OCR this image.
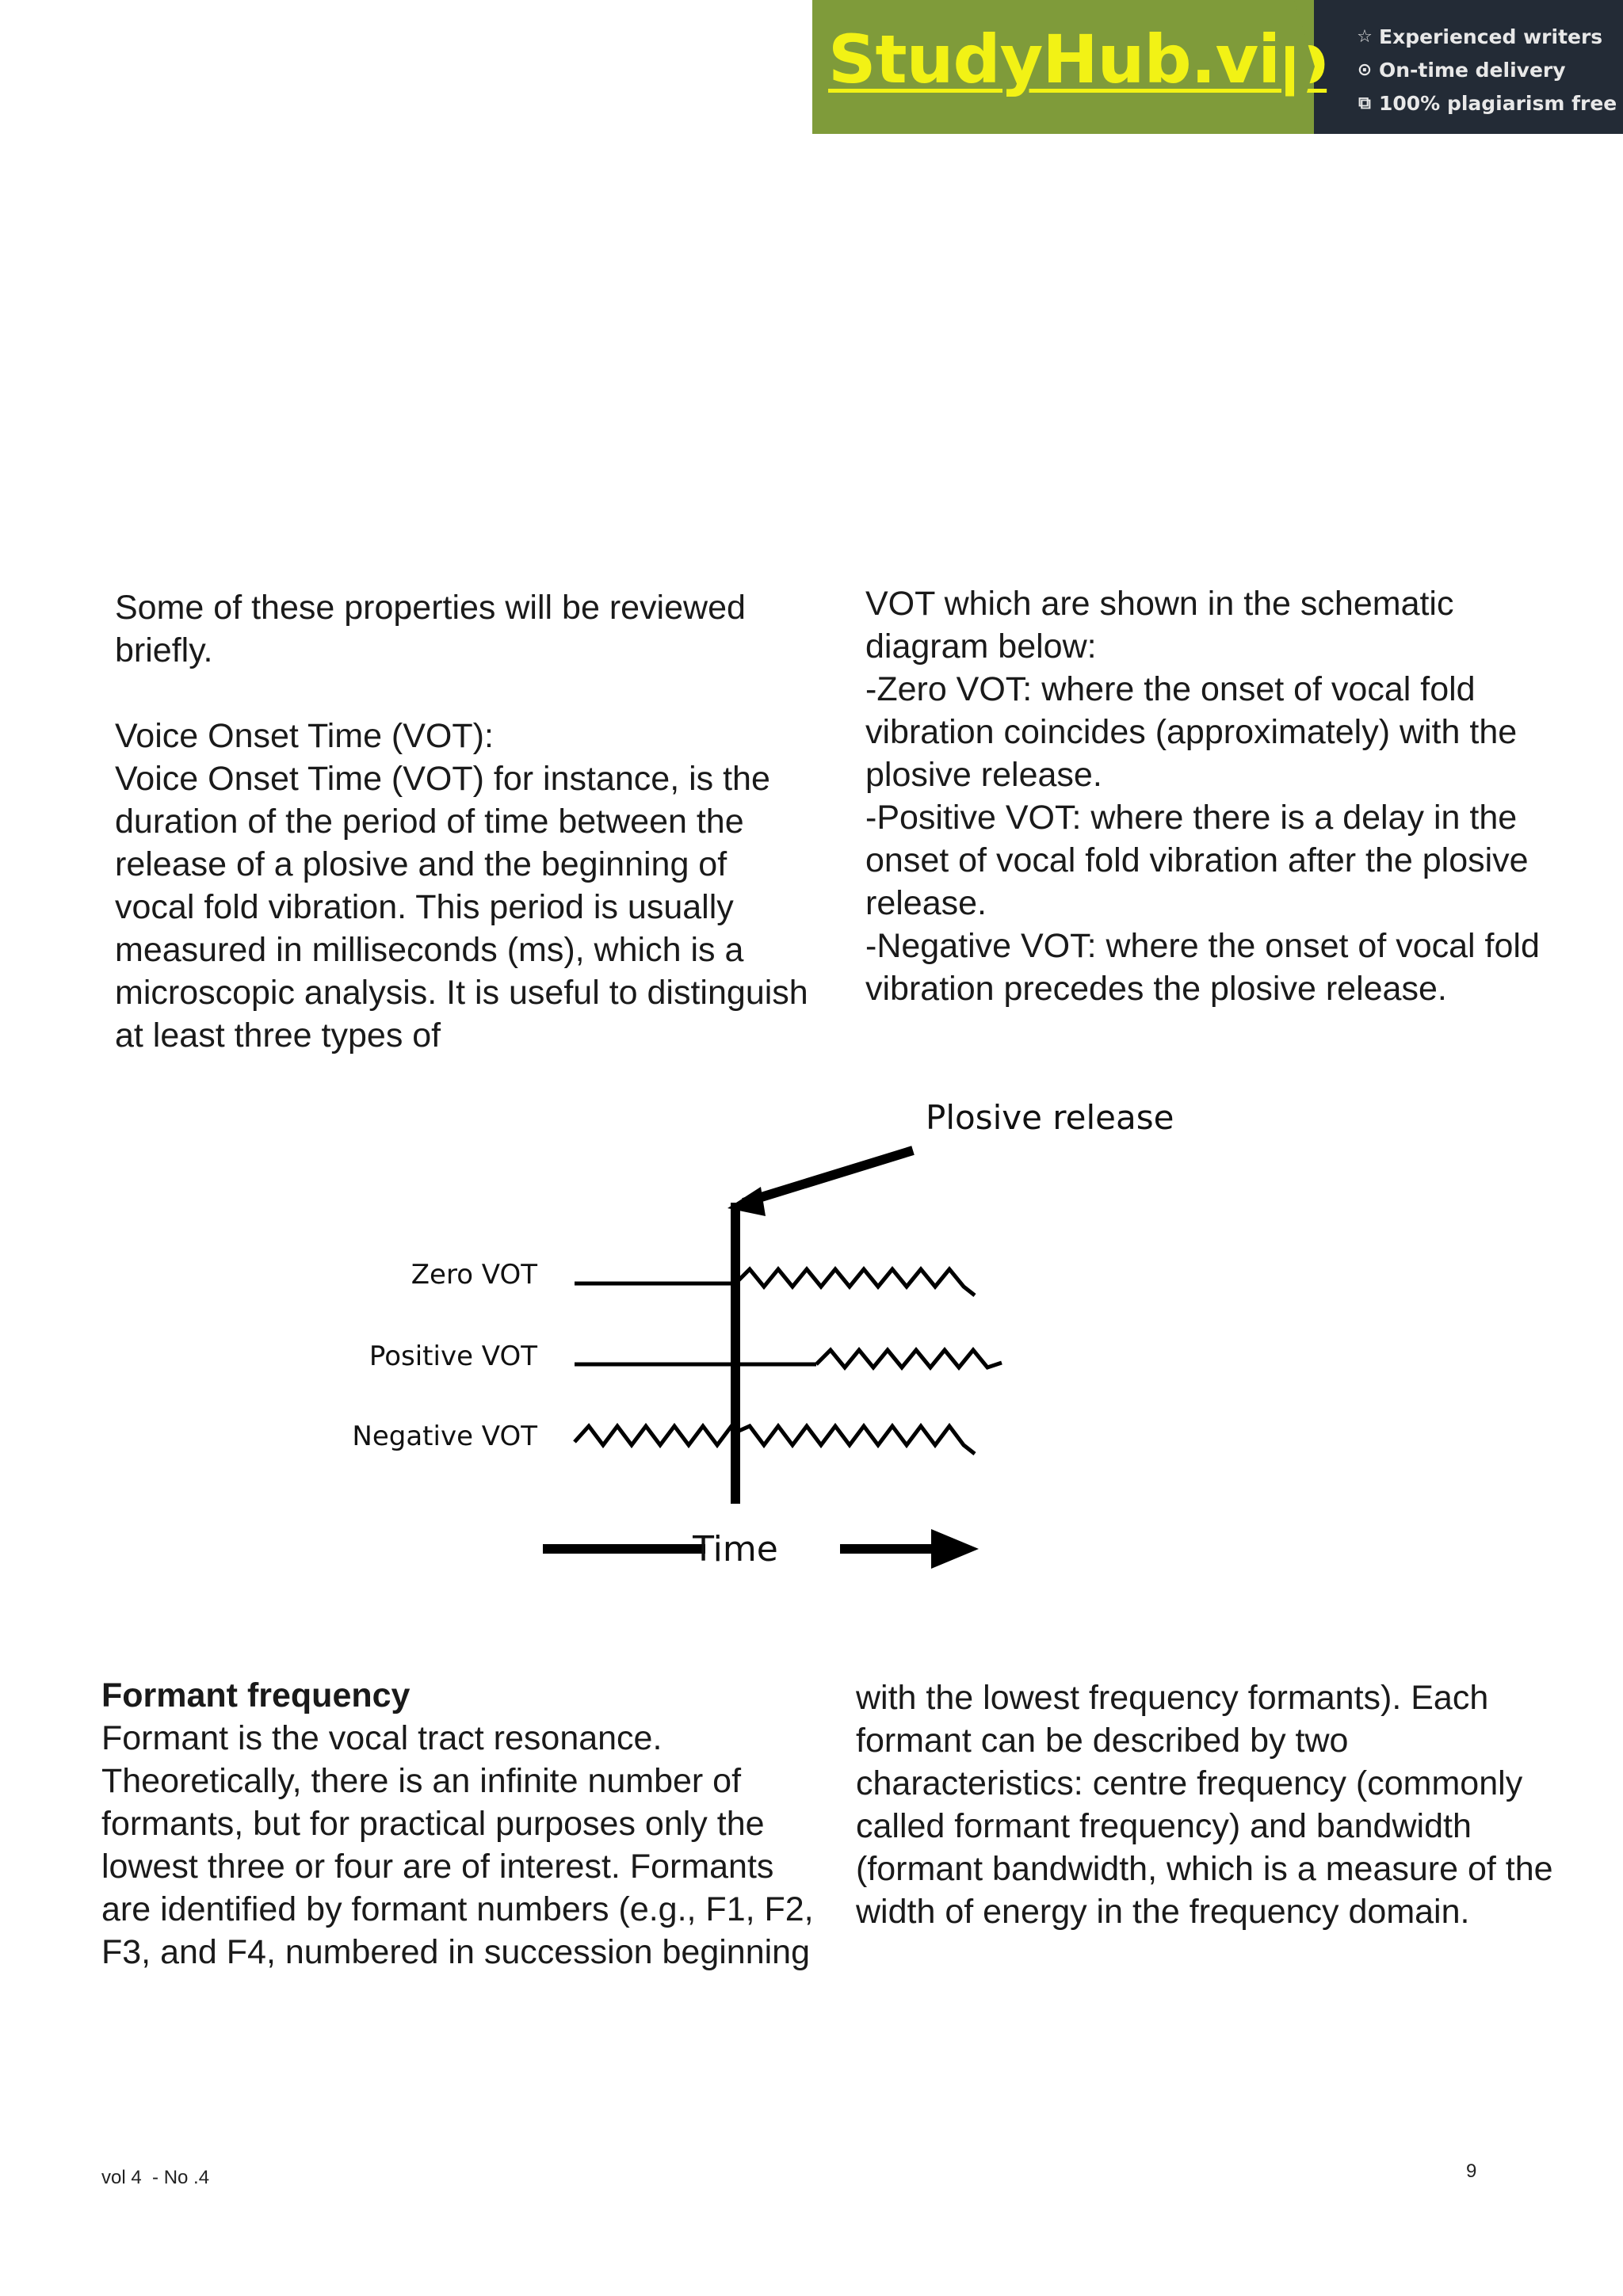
StudyHub.vip ☆ Experienced writers
⊙ On-time delivery
⧉ 100% plagiarism free

Some of these properties will be reviewed briefly.

Voice Onset Time (VOT):

Voice Onset Time (VOT) for instance, is the duration of the period of time between the release of a plosive and the beginning of vocal fold vibration. This period is usually measured in milliseconds (ms), which is a microscopic analysis. It is useful to distinguish at least three types of

VOT which are shown in the schematic diagram below:

-Zero VOT: where the onset of vocal fold vibration coincides (approximately) with the plosive release.

-Positive VOT: where there is a delay in the onset of vocal fold vibration after the plosive release.

-Negative VOT: where the onset of vocal fold vibration precedes the plosive release.

Plosive release
Zero VOT
Positive VOT
Negative VOT
Time

Formant frequency

Formant is the vocal tract resonance. Theoretically, there is an infinite number of formants, but for practical purposes only the lowest three or four are of interest. Formants are identified by formant numbers (e.g., F1, F2, F3, and F4, numbered in succession beginning

with the lowest frequency formants). Each formant can be described by two characteristics: centre frequency (commonly called formant frequency) and bandwidth (formant bandwidth, which is a measure of the width of energy in the frequency domain.

vol 4  - No .4	9
